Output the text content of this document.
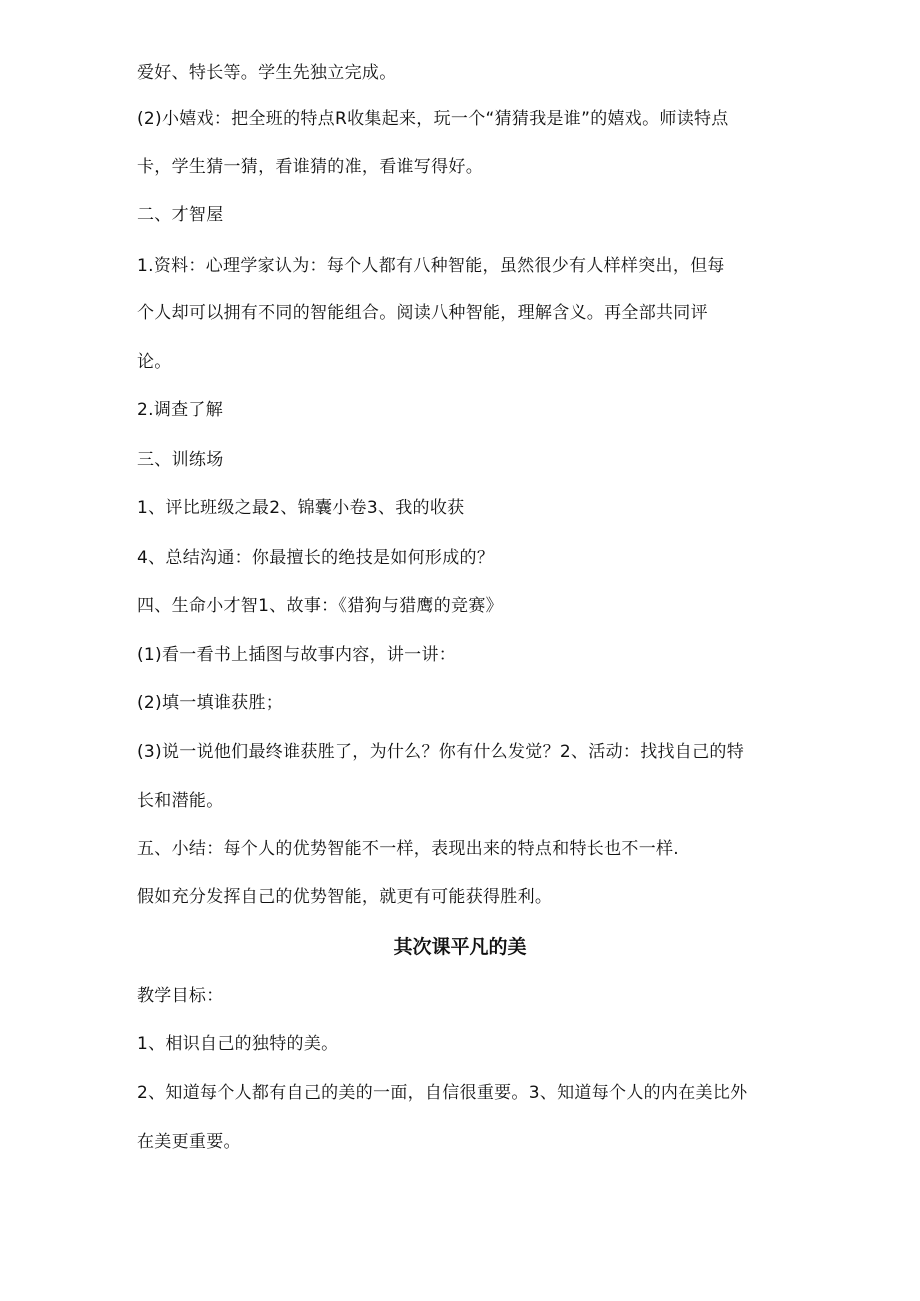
爱好、特长等。学生先独立完成。
(2)小嬉戏：把全班的特点R收集起来，玩一个“猜猜我是谁”的嬉戏。师读特点
卡，学生猜一猜，看谁猜的准，看谁写得好。
二、才智屋
1.资料：心理学家认为：每个人都有八种智能，虽然很少有人样样突出，但每
个人却可以拥有不同的智能组合。阅读八种智能，理解含义。再全部共同评
论。
2.调查了解
三、训练场
1、评比班级之最2、锦囊小卷3、我的收获
4、总结沟通：你最擅长的绝技是如何形成的？
四、生命小才智1、故事：《猎狗与猎鹰的竞赛》
(1)看一看书上插图与故事内容，讲一讲：
(2)填一填谁获胜；
(3)说一说他们最终谁获胜了，为什么？你有什么发觉？2、活动：找找自己的特
长和潜能。
五、小结：每个人的优势智能不一样，表现出来的特点和特长也不一样.
假如充分发挥自己的优势智能，就更有可能获得胜利。
其次课平凡的美
教学目标：
1、相识自己的独特的美。
2、知道每个人都有自己的美的一面，自信很重要。3、知道每个人的内在美比外
在美更重要。
